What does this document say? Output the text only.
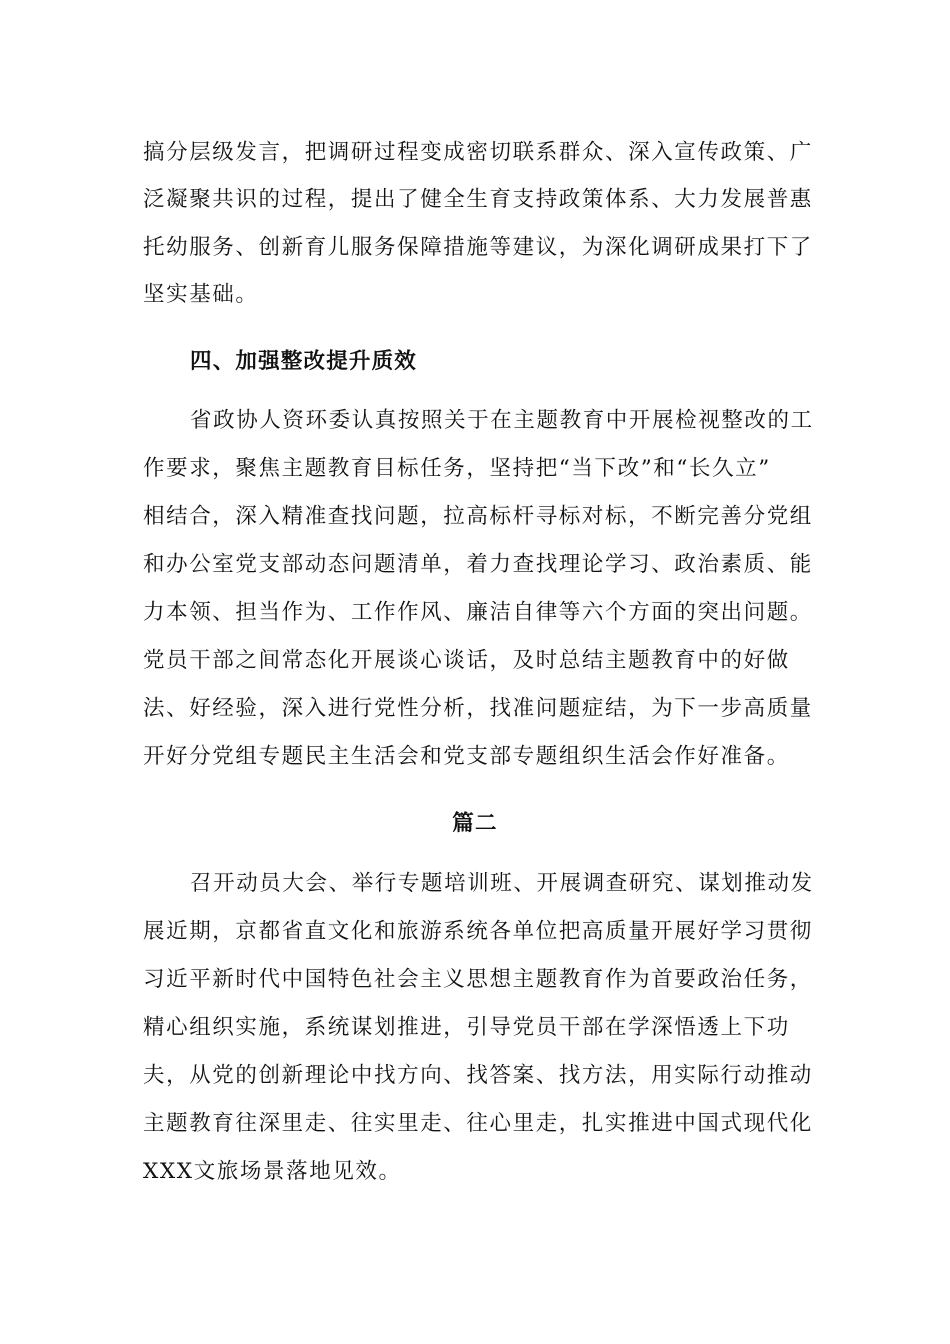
搞分层级发言，把调研过程变成密切联系群众、深入宣传政策、广
泛凝聚共识的过程，提出了健全生育支持政策体系、大力发展普惠
托幼服务、创新育儿服务保障措施等建议，为深化调研成果打下了
坚实基础。
四、加强整改提升质效
省政协人资环委认真按照关于在主题教育中开展检视整改的工
作要求，聚焦主题教育目标任务，坚持把“当下改”和“长久立”
相结合，深入精准查找问题，拉高标杆寻标对标，不断完善分党组
和办公室党支部动态问题清单，着力查找理论学习、政治素质、能
力本领、担当作为、工作作风、廉洁自律等六个方面的突出问题。
党员干部之间常态化开展谈心谈话，及时总结主题教育中的好做
法、好经验，深入进行党性分析，找准问题症结，为下一步高质量
开好分党组专题民主生活会和党支部专题组织生活会作好准备。
篇二
召开动员大会、举行专题培训班、开展调查研究、谋划推动发
展近期，京都省直文化和旅游系统各单位把高质量开展好学习贯彻
习近平新时代中国特色社会主义思想主题教育作为首要政治任务，
精心组织实施，系统谋划推进，引导党员干部在学深悟透上下功
夫，从党的创新理论中找方向、找答案、找方法，用实际行动推动
主题教育往深里走、往实里走、往心里走，扎实推进中国式现代化
XXX文旅场景落地见效。
